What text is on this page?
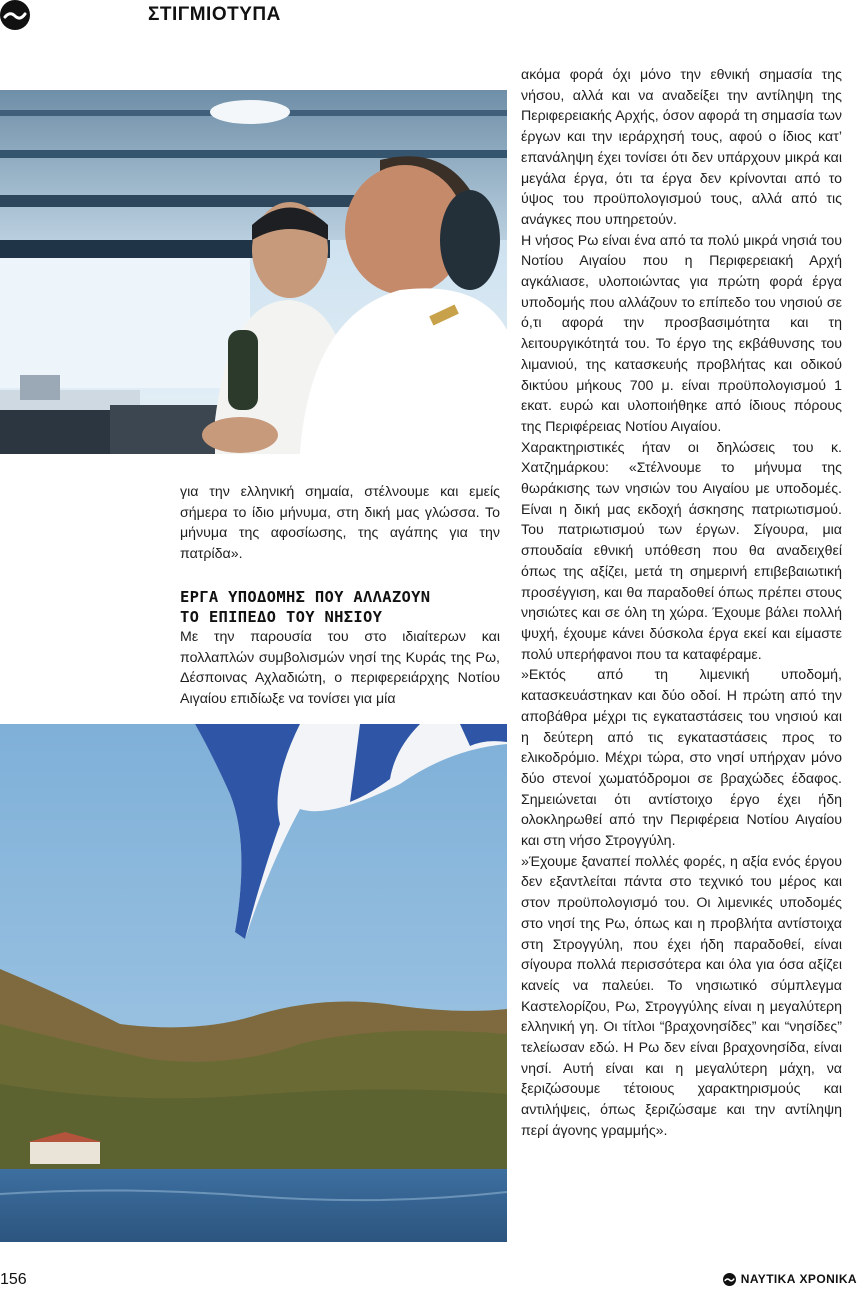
ΣΤΙΓΜΙΟΤΥΠΑ

για την ελληνική σημαία, στέλνουμε και εμείς σήμερα το ίδιο μήνυμα, στη δική μας γλώσσα. Το μήνυμα της αφοσίωσης, της αγάπης για την πατρίδα».

ΕΡΓΑ ΥΠΟΔΟΜΗΣ ΠΟΥ ΑΛΛΑΖΟΥΝ
ΤΟ ΕΠΙΠΕΔΟ ΤΟΥ ΝΗΣΙΟΥ

Με την παρουσία του στο ιδιαίτερων και πολλαπλών συμβολισμών νησί της Κυράς της Ρω, Δέσποινας Αχλαδιώτη, ο περιφερειάρχης Νοτίου Αιγαίου επιδίωξε να τονίσει για μία

ακόμα φορά όχι μόνο την εθνική σημασία της νήσου, αλλά και να αναδείξει την αντίληψη της Περιφερειακής Αρχής, όσον αφορά τη σημασία των έργων και την ιεράρχησή τους, αφού ο ίδιος κατ’ επανάληψη έχει τονίσει ότι δεν υπάρχουν μικρά και μεγάλα έργα, ότι τα έργα δεν κρίνονται από το ύψος του προϋπολογισμού τους, αλλά από τις ανάγκες που υπηρετούν.

Η νήσος Ρω είναι ένα από τα πολύ μικρά νησιά του Νοτίου Αιγαίου που η Περιφερειακή Αρχή αγκάλιασε, υλοποιώντας για πρώτη φορά έργα υποδομής που αλλάζουν το επίπεδο του νησιού σε ό,τι αφορά την προσβασιμότητα και τη λειτουργικότητά του. Το έργο της εκβάθυνσης του λιμανιού, της κατασκευής προβλήτας και οδικού δικτύου μήκους 700 μ. είναι προϋπολογισμού 1 εκατ. ευρώ και υλοποιήθηκε από ίδιους πόρους της Περιφέρειας Νοτίου Αιγαίου.

Χαρακτηριστικές ήταν οι δηλώσεις του κ. Χατζημάρκου: «Στέλνουμε το μήνυμα της θωράκισης των νησιών του Αιγαίου με υποδομές. Είναι η δική μας εκδοχή άσκησης πατριωτισμού. Του πατριωτισμού των έργων. Σίγουρα, μια σπουδαία εθνική υπόθεση που θα αναδειχθεί όπως της αξίζει, μετά τη σημερινή επιβεβαιωτική προσέγγιση, και θα παραδοθεί όπως πρέπει στους νησιώτες και σε όλη τη χώρα. Έχουμε βάλει πολλή ψυχή, έχουμε κάνει δύσκολα έργα εκεί και είμαστε πολύ υπερήφανοι που τα καταφέραμε.

»Εκτός από τη λιμενική υποδομή, κατασκευάστηκαν και δύο οδοί. Η πρώτη από την αποβάθρα μέχρι τις εγκαταστάσεις του νησιού και η δεύτερη από τις εγκαταστάσεις προς το ελικοδρόμιο. Μέχρι τώρα, στο νησί υπήρχαν μόνο δύο στενοί χωματόδρομοι σε βραχώδες έδαφος. Σημειώνεται ότι αντίστοιχο έργο έχει ήδη ολοκληρωθεί από την Περιφέρεια Νοτίου Αιγαίου και στη νήσο Στρογγύλη.

»Έχουμε ξαναπεί πολλές φορές, η αξία ενός έργου δεν εξαντλείται πάντα στο τεχνικό του μέρος και στον προϋπολογισμό του. Οι λιμενικές υποδομές στο νησί της Ρω, όπως και η προβλήτα αντίστοιχα στη Στρογγύλη, που έχει ήδη παραδοθεί, είναι σίγουρα πολλά περισσότερα και όλα για όσα αξίζει κανείς να παλεύει. Το νησιωτικό σύμπλεγμα Καστελορίζου, Ρω, Στρογγύλης είναι η μεγαλύτερη ελληνική γη. Οι τίτλοι “βραχονησίδες” και “νησίδες” τελείωσαν εδώ. Η Ρω δεν είναι βραχονησίδα, είναι νησί. Αυτή είναι και η μεγαλύτερη μάχη, να ξεριζώσουμε τέτοιους χαρακτηρισμούς και αντιλήψεις, όπως ξεριζώσαμε και την αντίληψη περί άγονης γραμμής».

156	ΝΑΥΤΙΚΑ ΧΡΟΝΙΚΑ
